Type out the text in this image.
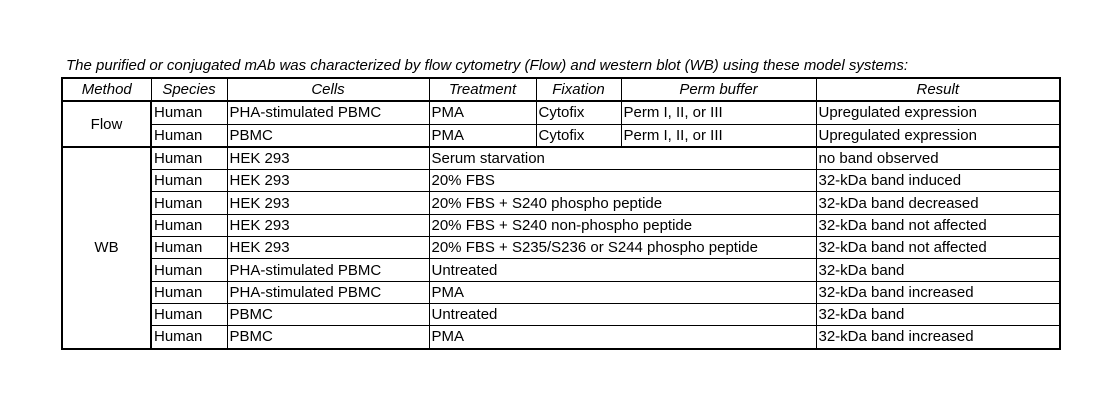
The purified or conjugated mAb was characterized by flow cytometry (Flow) and western blot (WB) using these model systems:
Method	Species	Cells	Treatment	Fixation	Perm buffer	Result
Flow	Human	PHA-stimulated PBMC	PMA	Cytofix	Perm I, II, or III	Upregulated expression
	Human	PBMC	PMA	Cytofix	Perm I, II, or III	Upregulated expression
WB	Human	HEK 293	Serum starvation			no band observed
	Human	HEK 293	20% FBS			32-kDa band induced
	Human	HEK 293	20% FBS + S240 phospho peptide			32-kDa band decreased
	Human	HEK 293	20% FBS + S240 non-phospho peptide			32-kDa band not affected
	Human	HEK 293	20% FBS + S235/S236 or S244 phospho peptide			32-kDa band not affected
	Human	PHA-stimulated PBMC	Untreated			32-kDa band
	Human	PHA-stimulated PBMC	PMA			32-kDa band increased
	Human	PBMC	Untreated			32-kDa band
	Human	PBMC	PMA			32-kDa band increased
